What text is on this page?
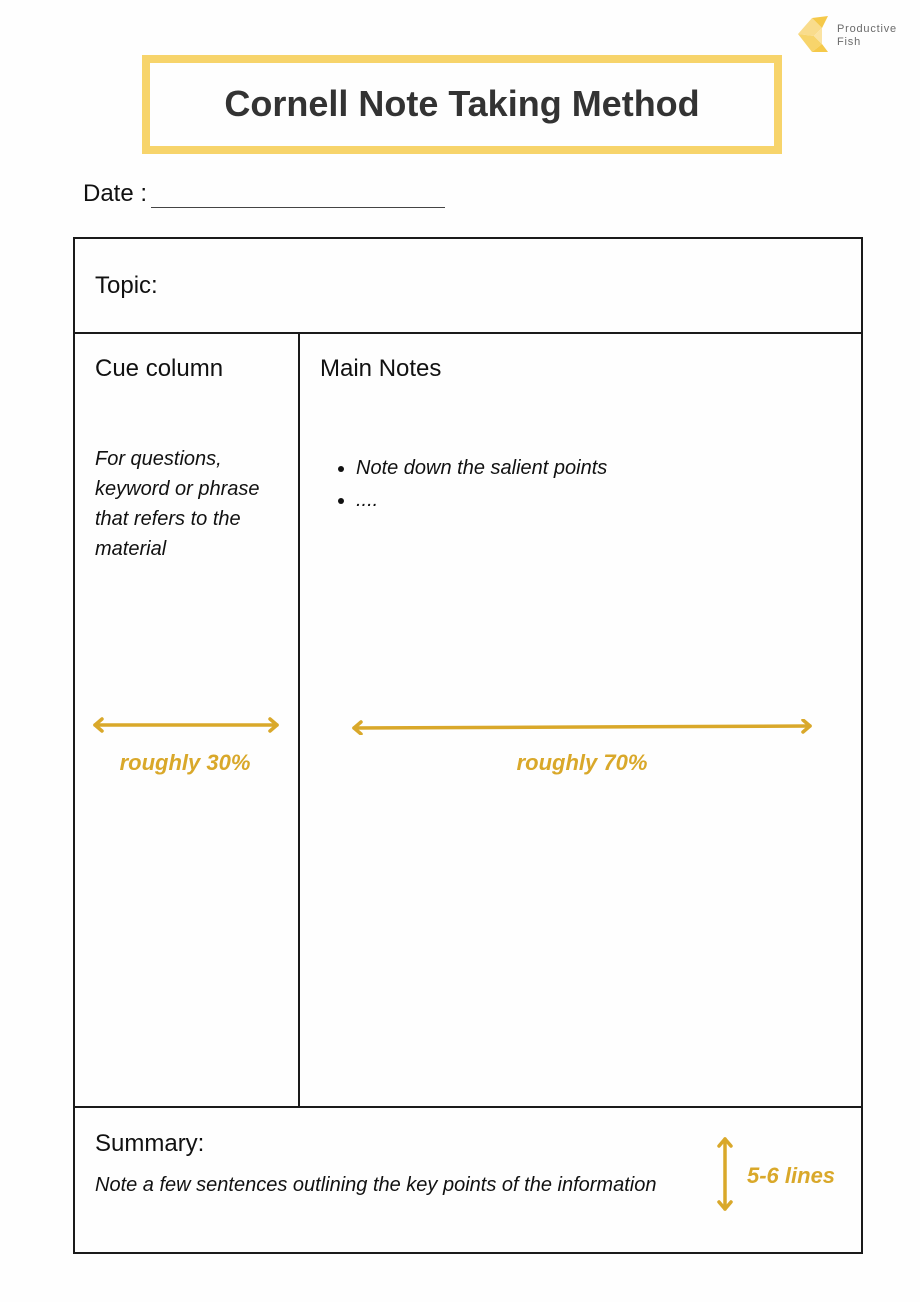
Productive
Fish
Cornell Note Taking Method
Date :
Topic:
Cue column
For questions, keyword or phrase that refers to the material
roughly 30%
Main Notes
• Note down the salient points
• ....
roughly 70%
Summary:
Note a few sentences outlining the key points of the information	5-6 lines
